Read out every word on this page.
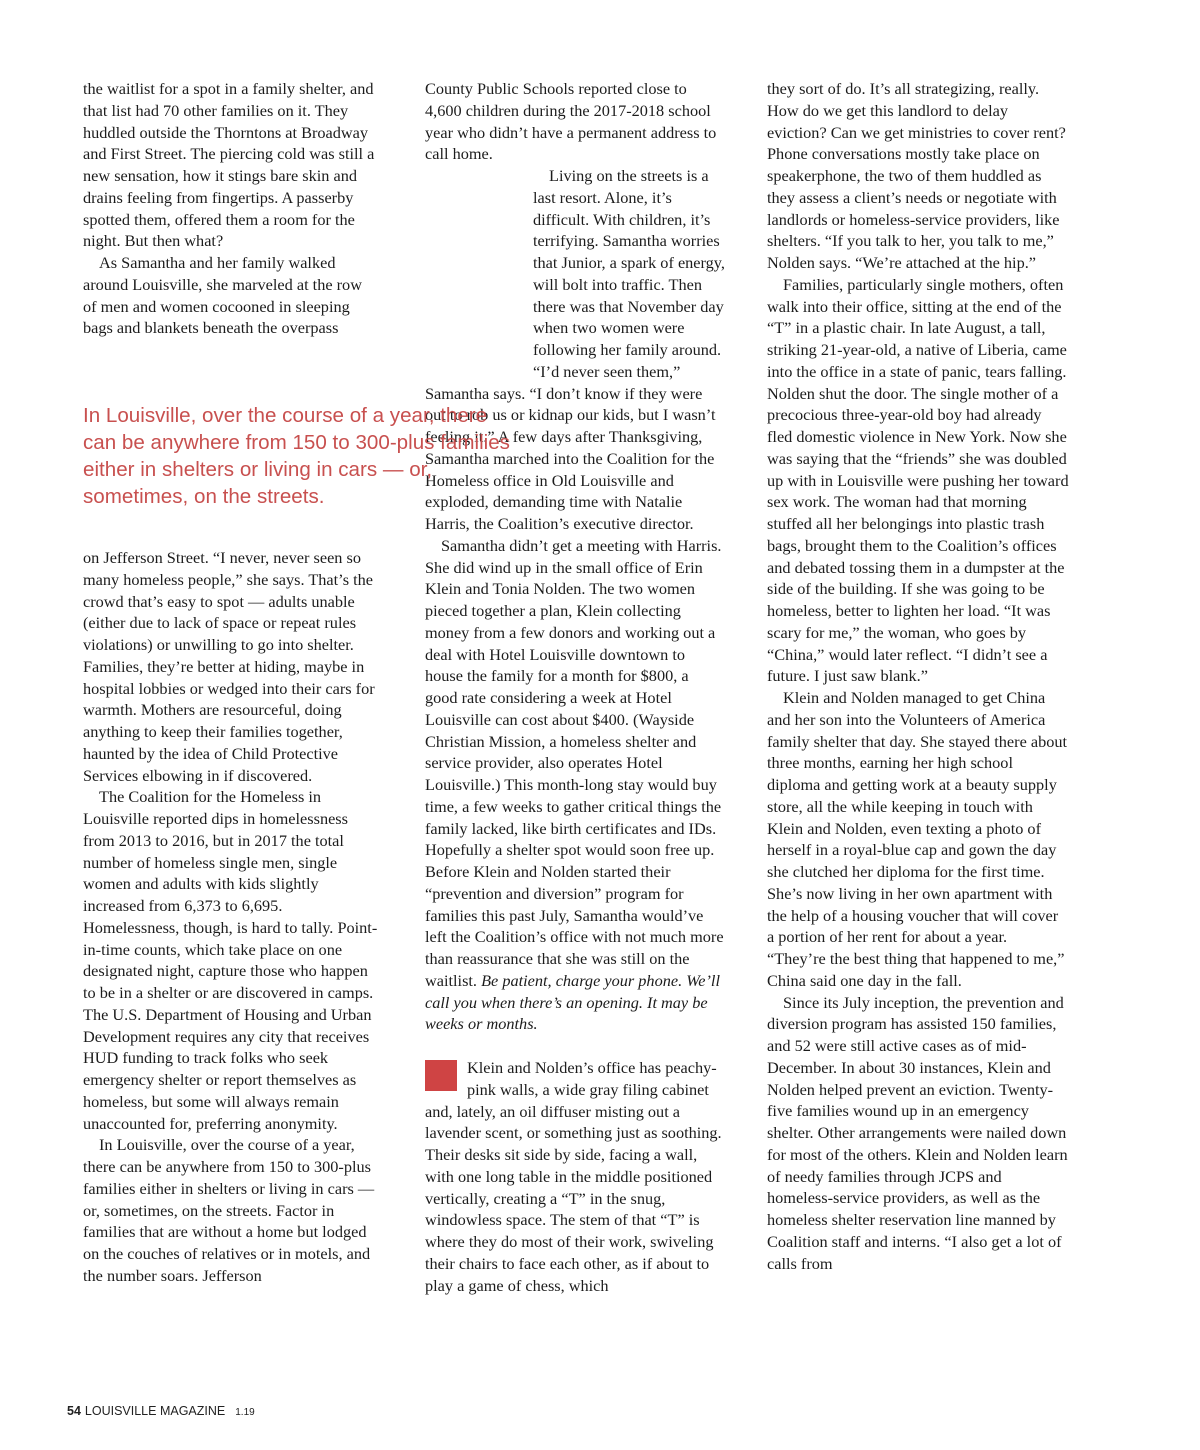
the waitlist for a spot in a family shelter, and that list had 70 other families on it. They huddled outside the Thorntons at Broadway and First Street. The piercing cold was still a new sensation, how it stings bare skin and drains feeling from fingertips. A passerby spotted them, offered them a room for the night. But then what?

As Samantha and her family walked around Louisville, she marveled at the row of men and women cocooned in sleeping bags and blankets beneath the overpass

on Jefferson Street. “I never, never seen so many homeless people,” she says. That’s the crowd that’s easy to spot — adults unable (either due to lack of space or repeat rules violations) or unwilling to go into shelter. Families, they’re better at hiding, maybe in hospital lobbies or wedged into their cars for warmth. Mothers are resourceful, doing anything to keep their families together, haunted by the idea of Child Protective Services elbowing in if discovered.

The Coalition for the Homeless in Louisville reported dips in homelessness from 2013 to 2016, but in 2017 the total number of homeless single men, single women and adults with kids slightly increased from 6,373 to 6,695. Homelessness, though, is hard to tally. Point-in-time counts, which take place on one designated night, capture those who happen to be in a shelter or are discovered in camps. The U.S. Department of Housing and Urban Development requires any city that receives HUD funding to track folks who seek emergency shelter or report themselves as homeless, but some will always remain unaccounted for, preferring anonymity.

In Louisville, over the course of a year, there can be anywhere from 150 to 300-plus families either in shelters or living in cars — or, sometimes, on the streets. Factor in families that are without a home but lodged on the couches of relatives or in motels, and the number soars. Jefferson

County Public Schools reported close to 4,600 children during the 2017-2018 school year who didn’t have a permanent address to call home.

Living on the streets is a last resort. Alone, it’s difficult. With children, it’s terrifying. Samantha worries that Junior, a spark of energy, will bolt into traffic. Then there was that November day when two women were following her family around. “I’d never seen them,” Samantha says. “I don’t know if they were out to rob us or kidnap our kids, but I wasn’t feeling it.” A few days after Thanksgiving, Samantha marched into the Coalition for the Homeless office in Old Louisville and exploded, demanding time with Natalie Harris, the Coalition’s executive director.

Samantha didn’t get a meeting with Harris. She did wind up in the small office of Erin Klein and Tonia Nolden. The two women pieced together a plan, Klein collecting money from a few donors and working out a deal with Hotel Louisville downtown to house the family for a month for $800, a good rate considering a week at Hotel Louisville can cost about $400. (Wayside Christian Mission, a homeless shelter and service provider, also operates Hotel Louisville.) This month-long stay would buy time, a few weeks to gather critical things the family lacked, like birth certificates and IDs. Hopefully a shelter spot would soon free up. Before Klein and Nolden started their “prevention and diversion” program for families this past July, Samantha would’ve left the Coalition’s office with not much more than reassurance that she was still on the waitlist. Be patient, charge your phone. We’ll call you when there’s an opening. It may be weeks or months.

Klein and Nolden’s office has peachy-pink walls, a wide gray filing cabinet and, lately, an oil diffuser misting out a lavender scent, or something just as soothing. Their desks sit side by side, facing a wall, with one long table in the middle positioned vertically, creating a “T” in the snug, windowless space. The stem of that “T” is where they do most of their work, swiveling their chairs to face each other, as if about to play a game of chess, which

they sort of do. It’s all strategizing, really. How do we get this landlord to delay eviction? Can we get ministries to cover rent? Phone conversations mostly take place on speakerphone, the two of them huddled as they assess a client’s needs or negotiate with landlords or homeless-service providers, like shelters. “If you talk to her, you talk to me,” Nolden says. “We’re attached at the hip.”

Families, particularly single mothers, often walk into their office, sitting at the end of the “T” in a plastic chair. In late August, a tall, striking 21-year-old, a native of Liberia, came into the office in a state of panic, tears falling. Nolden shut the door. The single mother of a precocious three-year-old boy had already fled domestic violence in New York. Now she was saying that the “friends” she was doubled up with in Louisville were pushing her toward sex work. The woman had that morning stuffed all her belongings into plastic trash bags, brought them to the Coalition’s offices and debated tossing them in a dumpster at the side of the building. If she was going to be homeless, better to lighten her load. “It was scary for me,” the woman, who goes by “China,” would later reflect. “I didn’t see a future. I just saw blank.”

Klein and Nolden managed to get China and her son into the Volunteers of America family shelter that day. She stayed there about three months, earning her high school diploma and getting work at a beauty supply store, all the while keeping in touch with Klein and Nolden, even texting a photo of herself in a royal-blue cap and gown the day she clutched her diploma for the first time. She’s now living in her own apartment with the help of a housing voucher that will cover a portion of her rent for about a year. “They’re the best thing that happened to me,” China said one day in the fall.

Since its July inception, the prevention and diversion program has assisted 150 families, and 52 were still active cases as of mid-December. In about 30 instances, Klein and Nolden helped prevent an eviction. Twenty-five families wound up in an emergency shelter. Other arrangements were nailed down for most of the others. Klein and Nolden learn of needy families through JCPS and homeless-service providers, as well as the homeless shelter reservation line manned by Coalition staff and interns. “I also get a lot of calls from

In Louisville, over the course of a year, there can be anywhere from 150 to 300-plus families either in shelters or living in cars — or, sometimes, on the streets.

54 LOUISVILLE MAGAZINE 1.19
